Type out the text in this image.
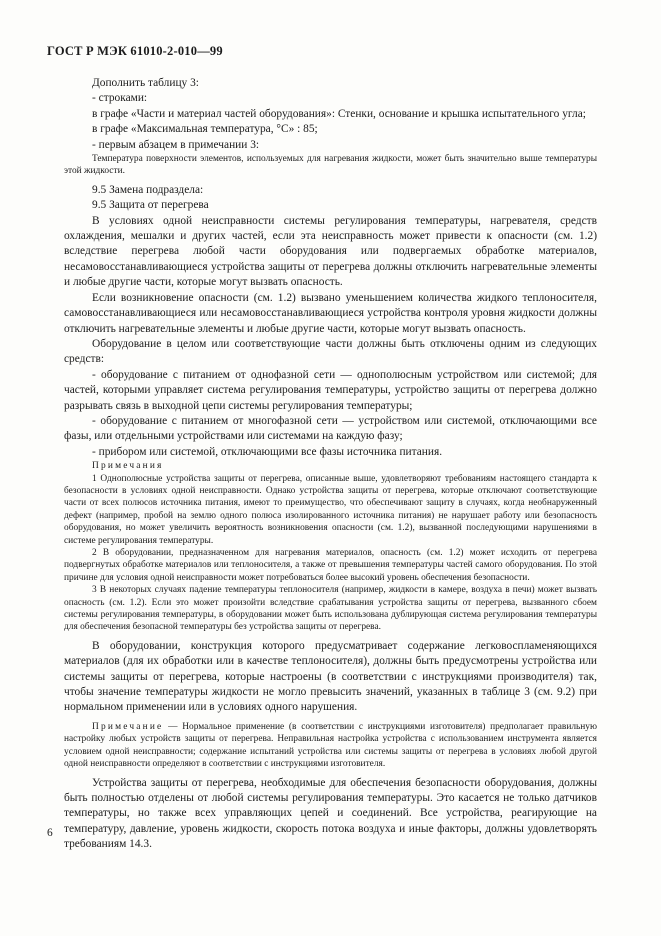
ГОСТ Р МЭК 61010-2-010—99

Дополнить таблицу 3:

- строками:

в графе «Части и материал частей оборудования»: Стенки, основание и крышка испытательного угла;

в графе «Максимальная температура, °С» : 85;

- первым абзацем в примечании 3:

Температура поверхности элементов, используемых для нагревания жидкости, может быть значительно выше температуры этой жидкости.

9.5 Замена подраздела:

9.5 Защита от перегрева

В условиях одной неисправности системы регулирования температуры, нагревателя, средств охлаждения, мешалки и других частей, если эта неисправность может привести к опасности (см. 1.2) вследствие перегрева любой части оборудования или подвергаемых обработке материалов, несамовосстанавливающиеся устройства защиты от перегрева должны отключить нагревательные элементы и любые другие части, которые могут вызвать опасность.

Если возникновение опасности (см. 1.2) вызвано уменьшением количества жидкого теплоносителя, самовосстанавливающиеся или несамовосстанавливающиеся устройства контроля уровня жидкости должны отключить нагревательные элементы и любые другие части, которые могут вызвать опасность.

Оборудование в целом или соответствующие части должны быть отключены одним из следующих средств:

- оборудование с питанием от однофазной сети — однополюсным устройством или системой; для частей, которыми управляет система регулирования температуры, устройство защиты от перегрева должно разрывать связь в выходной цепи системы регулирования температуры;

- оборудование с питанием от многофазной сети — устройством или системой, отключающими все фазы, или отдельными устройствами или системами на каждую фазу;

- прибором или системой, отключающими все фазы источника питания.

Примечания

1 Однополюсные устройства защиты от перегрева, описанные выше, удовлетворяют требованиям настоящего стандарта к безопасности в условиях одной неисправности. Однако устройства защиты от перегрева, которые отключают соответствующие части от всех полюсов источника питания, имеют то преимущество, что обеспечивают защиту в случаях, когда необнаруженный дефект (например, пробой на землю одного полюса изолированного источника питания) не нарушает работу или безопасность оборудования, но может увеличить вероятность возникновения опасности (см. 1.2), вызванной последующими нарушениями в системе регулирования температуры.

2 В оборудовании, предназначенном для нагревания материалов, опасность (см. 1.2) может исходить от перегрева подвергнутых обработке материалов или теплоносителя, а также от превышения температуры частей самого оборудования. По этой причине для условия одной неисправности может потребоваться более высокий уровень обеспечения безопасности.

3 В некоторых случаях падение температуры теплоносителя (например, жидкости в камере, воздуха в печи) может вызвать опасность (см. 1.2). Если это может произойти вследствие срабатывания устройства защиты от перегрева, вызванного сбоем системы регулирования температуры, в оборудовании может быть использована дублирующая система регулирования температуры для обеспечения безопасной температуры без устройства защиты от перегрева.

В оборудовании, конструкция которого предусматривает содержание легковоспламеняющихся материалов (для их обработки или в качестве теплоносителя), должны быть предусмотрены устройства или системы защиты от перегрева, которые настроены (в соответствии с инструкциями производителя) так, чтобы значение температуры жидкости не могло превысить значений, указанных в таблице 3 (см. 9.2) при нормальном применении или в условиях одного нарушения.

Примечание — Нормальное применение (в соответствии с инструкциями изготовителя) предполагает правильную настройку любых устройств защиты от перегрева. Неправильная настройка устройства с использованием инструмента является условием одной неисправности; содержание испытаний устройства или системы защиты от перегрева в условиях любой другой одной неисправности определяют в соответствии с инструкциями изготовителя.

Устройства защиты от перегрева, необходимые для обеспечения безопасности оборудования, должны быть полностью отделены от любой системы регулирования температуры. Это касается не только датчиков температуры, но также всех управляющих цепей и соединений. Все устройства, реагирующие на температуру, давление, уровень жидкости, скорость потока воздуха и иные факторы, должны удовлетворять требованиям 14.3.

6
